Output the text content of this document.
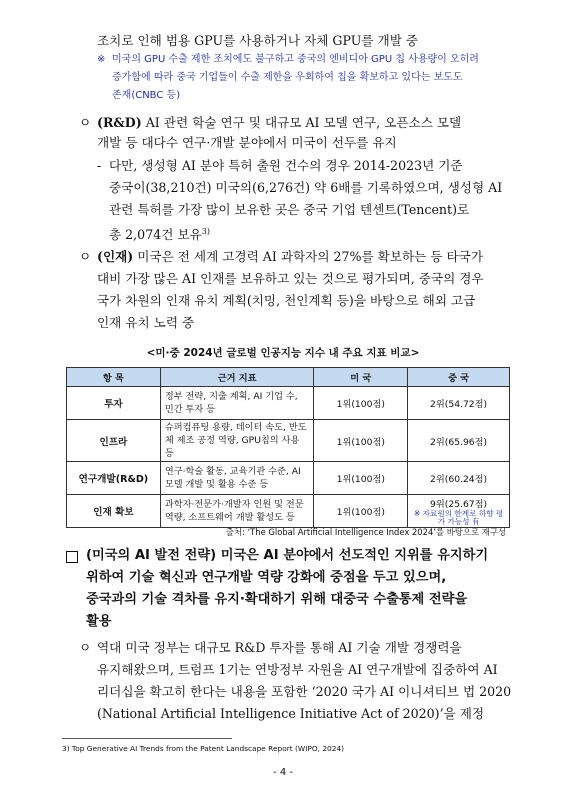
조치로 인해 범용 GPU를 사용하거나 자체 GPU를 개발 중
※ 미국의 GPU 수출 제한 조치에도 불구하고 중국의 엔비디아 GPU 칩 사용량이 오히려
증가함에 따라 중국 기업들이 수출 제한을 우회하여 칩을 확보하고 있다는 보도도
존재(CNBC 등)
ㅇ (R&D) AI 관련 학술 연구 및 대규모 AI 모델 연구, 오픈소스 모델
개발 등 대다수 연구·개발 분야에서 미국이 선두를 유지
- 다만, 생성형 AI 분야 특허 출원 건수의 경우 2014-2023년 기준
중국이(38,210건) 미국의(6,276건) 약 6배를 기록하였으며, 생성형 AI
관련 특허를 가장 많이 보유한 곳은 중국 기업 텐센트(Tencent)로
총 2,074건 보유$^{3)}$
ㅇ (인재) 미국은 전 세계 고경력 AI 과학자의 27%를 확보하는 등 타국가
대비 가장 많은 AI 인재를 보유하고 있는 것으로 평가되며, 중국의 경우
국가 차원의 인재 유치 계획(치밍, 천인계획 등)을 바탕으로 해외 고급
인재 유치 노력 중
<미·중 2024년 글로벌 인공지능 지수 내 주요 지표 비교>
항 목	근거 지표	미 국	중 국
투자	정부 전략, 지출 계획, AI 기업 수, 민간 투자 등	1위(100점)	2위(54.72점)
인프라	슈퍼컴퓨팅 용량, 데이터 속도, 반도체 제조 공정 역량, GPU칩의 사용 등	1위(100점)	2위(65.96점)
연구개발(R&D)	연구·학술 활동, 교육기관 수준, AI 모델 개발 및 활용 수준 등	1위(100점)	2위(60.24점)
인재 확보	과학자·전문가·개발자 인원 및 전문역량, 소프트웨어 개발 활성도 등	1위(100점)	9위(25.67점)
※ 자료원의 한계로 하향 평가 가능성 有
출처: ‘The Global Artificial Intelligence Index 2024’를 바탕으로 재구성
(미국의 AI 발전 전략) 미국은 AI 분야에서 선도적인 지위를 유지하기
위하여 기술 혁신과 연구개발 역량 강화에 중점을 두고 있으며,
중국과의 기술 격차를 유지·확대하기 위해 대중국 수출통제 전략을
활용
ㅇ 역대 미국 정부는 대규모 R&D 투자를 통해 AI 기술 개발 경쟁력을
유지해왔으며, 트럼프 1기는 연방정부 자원을 AI 연구개발에 집중하여 AI
리더십을 확고히 한다는 내용을 포함한 ‘2020 국가 AI 이니셔티브 법 2020
(National Artificial Intelligence Initiative Act of 2020)’을 제정
3) Top Generative AI Trends from the Patent Landscape Report (WIPO, 2024)
- 4 -
